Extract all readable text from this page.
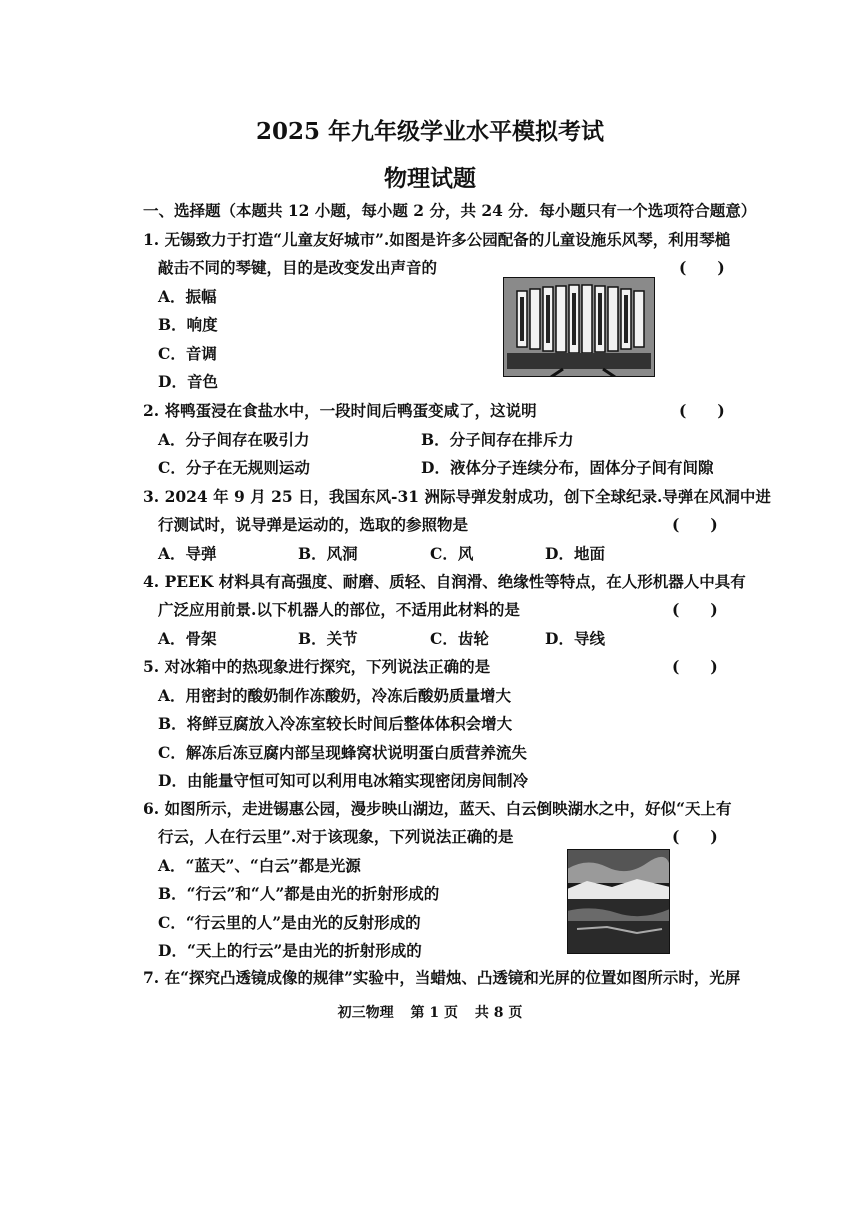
2025 年九年级学业水平模拟考试
物理试题
一、选择题（本题共 12 小题，每小题 2 分，共 24 分．每小题只有一个选项符合题意）
1. 无锡致力于打造“儿童友好城市”.如图是许多公园配备的儿童设施乐风琴，利用琴槌
敲击不同的琴键，目的是改变发出声音的	(　　)
A．振幅
B．响度
C．音调
D．音色
2. 将鸭蛋浸在食盐水中，一段时间后鸭蛋变咸了，这说明	(　　)
A．分子间存在吸引力	B．分子间存在排斥力
C．分子在无规则运动	D．液体分子连续分布，固体分子间有间隙
3. 2024 年 9 月 25 日，我国东风-31 洲际导弹发射成功，创下全球纪录.导弹在风洞中进
行测试时，说导弹是运动的，选取的参照物是	(　　)
A．导弹	B．风洞	C．风	D．地面
4. PEEK 材料具有高强度、耐磨、质轻、自润滑、绝缘性等特点，在人形机器人中具有
广泛应用前景.以下机器人的部位，不适用此材料的是	(　　)
A．骨架	B．关节	C．齿轮	D．导线
5. 对冰箱中的热现象进行探究，下列说法正确的是	(　　)
A．用密封的酸奶制作冻酸奶，冷冻后酸奶质量增大
B．将鲜豆腐放入冷冻室较长时间后整体体积会增大
C．解冻后冻豆腐内部呈现蜂窝状说明蛋白质营养流失
D．由能量守恒可知可以利用电冰箱实现密闭房间制冷
6. 如图所示，走进锡惠公园，漫步映山湖边，蓝天、白云倒映湖水之中，好似“天上有
行云，人在行云里”.对于该现象，下列说法正确的是	(　　)
A．“蓝天”、“白云”都是光源
B．“行云”和“人”都是由光的折射形成的
C．“行云里的人”是由光的反射形成的
D．“天上的行云”是由光的折射形成的
7. 在“探究凸透镜成像的规律”实验中，当蜡烛、凸透镜和光屏的位置如图所示时，光屏
初三物理 第 1 页 共 8 页
